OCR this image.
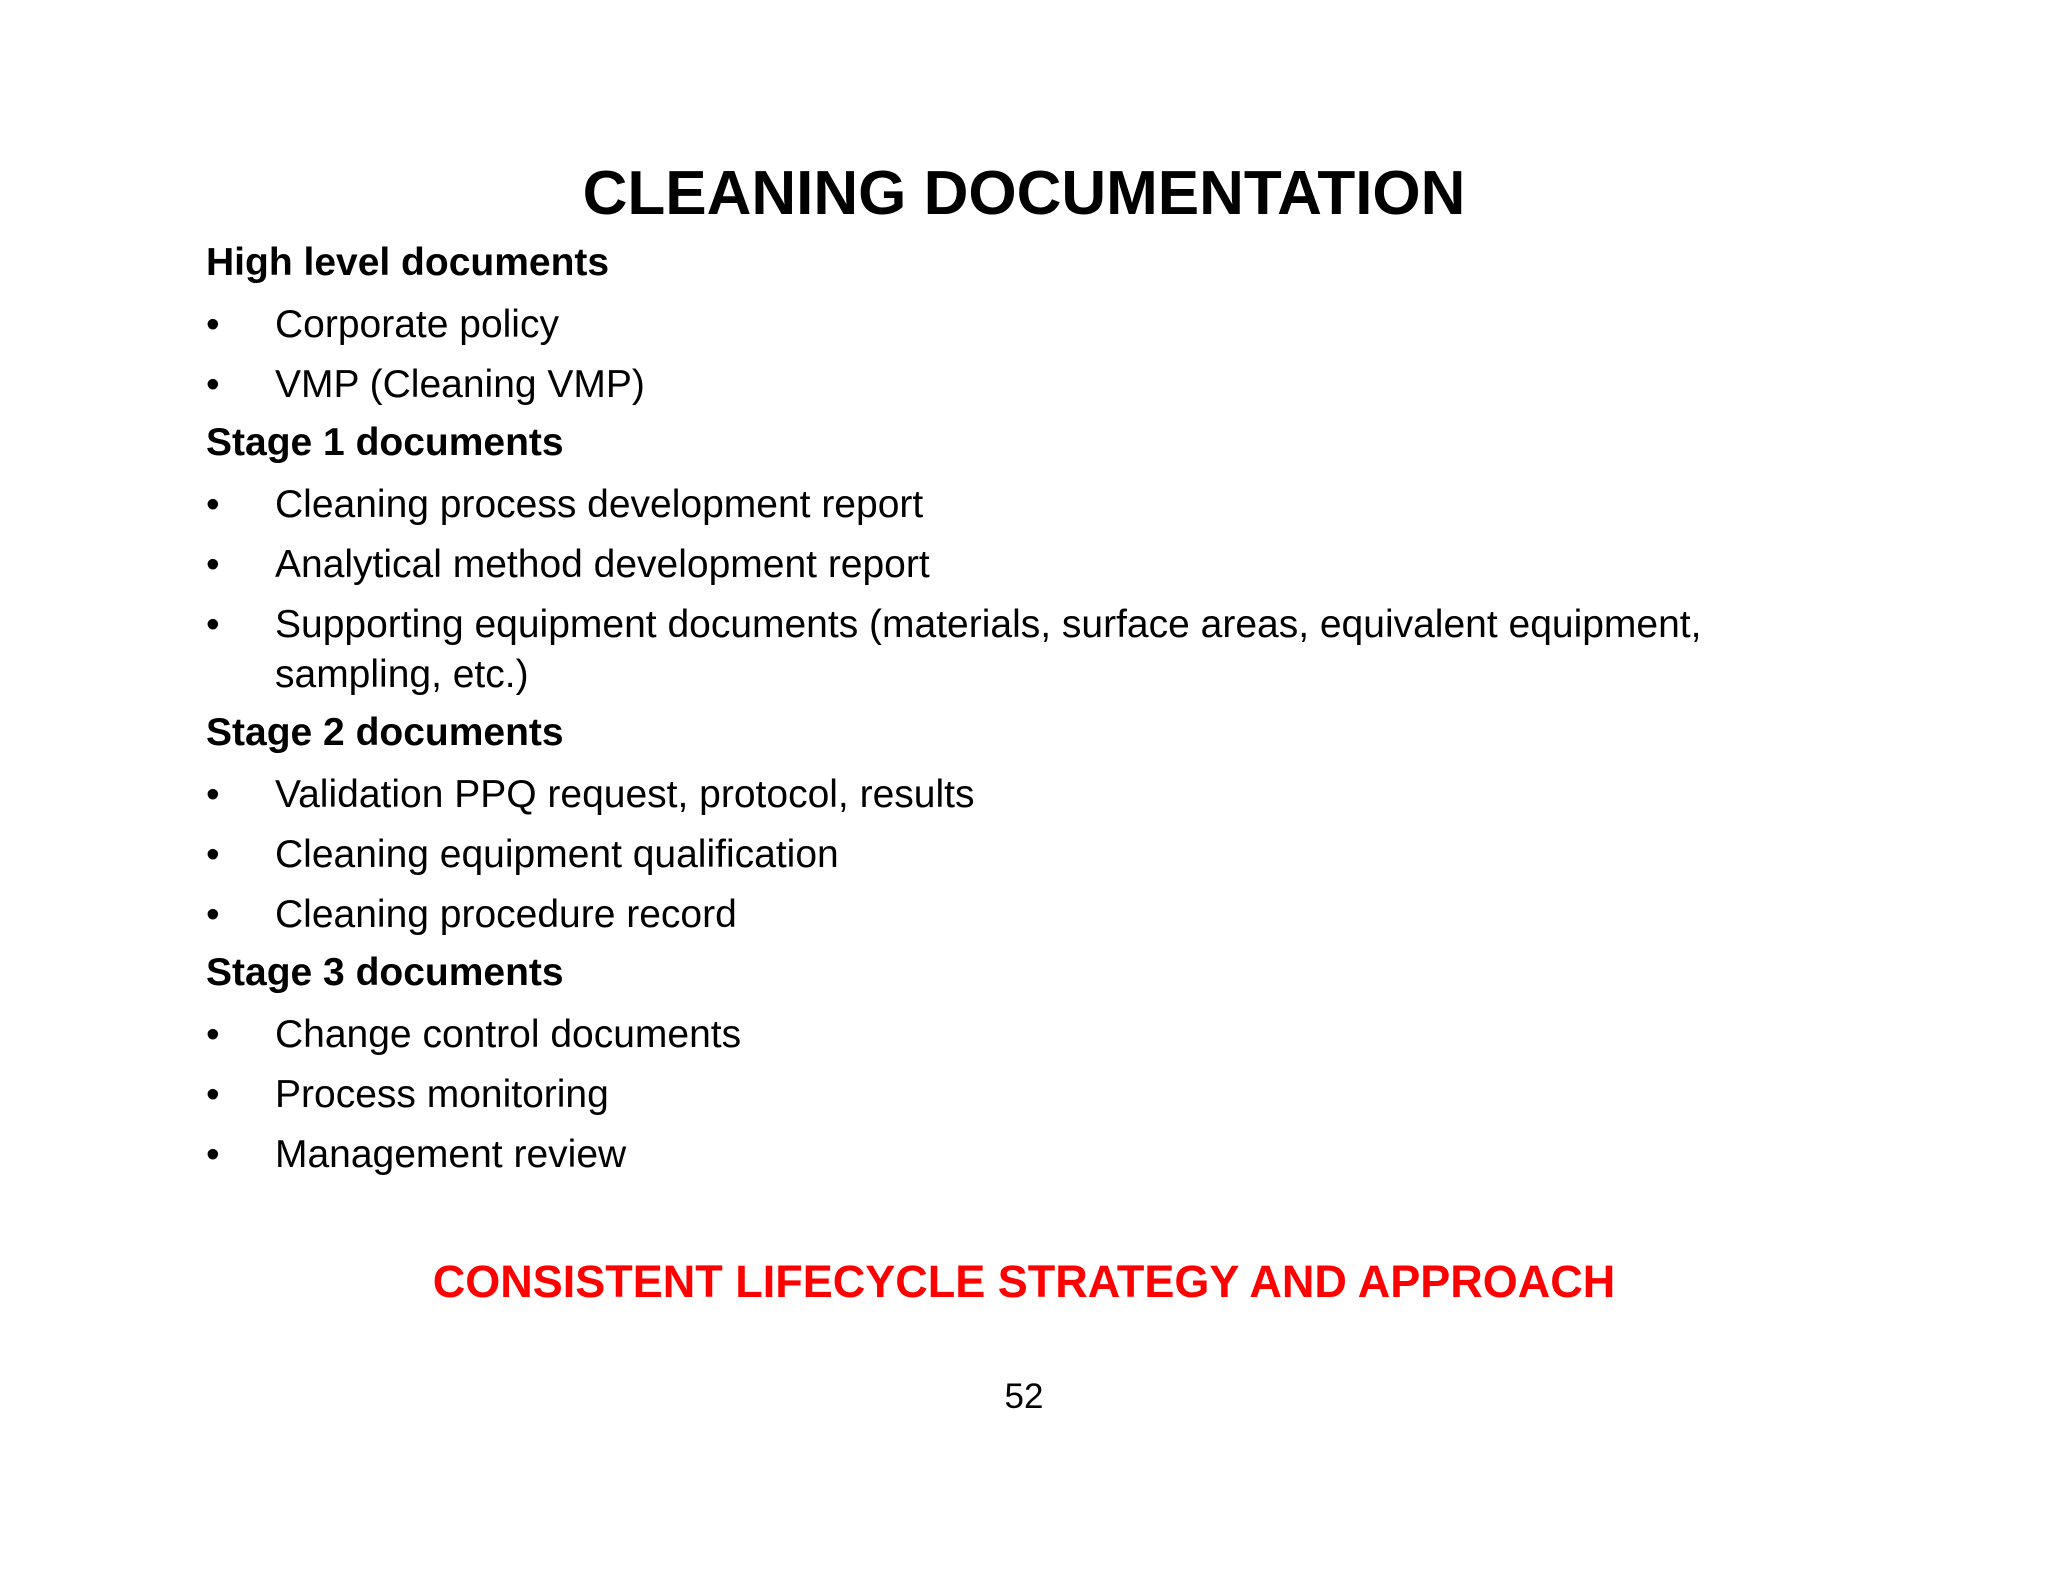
CLEANING DOCUMENTATION
High level documents
• Corporate policy
• VMP (Cleaning VMP)
Stage 1 documents
• Cleaning process development report
• Analytical method development report
• Supporting equipment documents (materials, surface areas, equivalent equipment, sampling, etc.)
Stage 2 documents
• Validation PPQ request, protocol, results
• Cleaning equipment qualification
• Cleaning procedure record
Stage 3 documents
• Change control documents
• Process monitoring
• Management review
CONSISTENT LIFECYCLE STRATEGY AND APPROACH
52
